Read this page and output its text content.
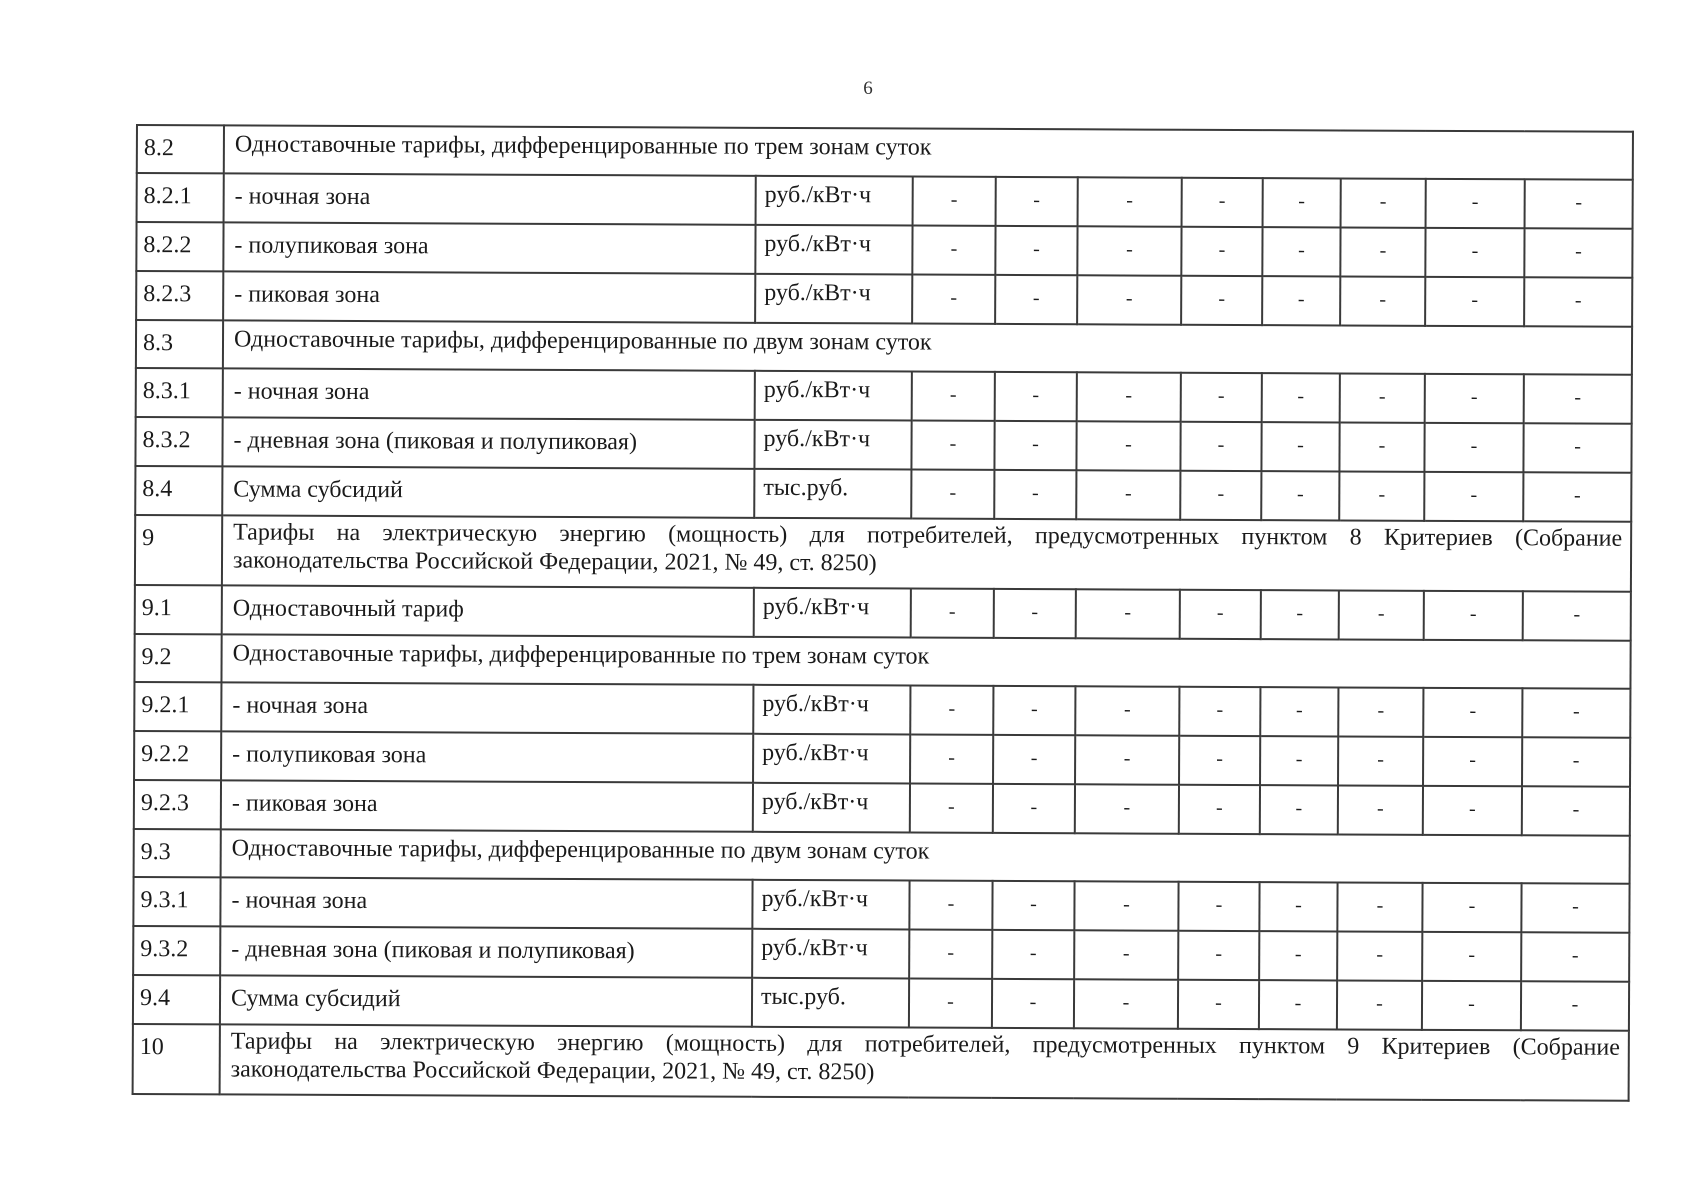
6
8.2	Одноставочные тарифы, дифференцированные по трем зонам суток									
8.2.1	- ночная зона	руб./кВт·ч	-	-	-	-	-	-	-	-
8.2.2	- полупиковая зона	руб./кВт·ч	-	-	-	-	-	-	-	-
8.2.3	- пиковая зона	руб./кВт·ч	-	-	-	-	-	-	-	-
8.3	Одноставочные тарифы, дифференцированные по двум зонам суток									
8.3.1	- ночная зона	руб./кВт·ч	-	-	-	-	-	-	-	-
8.3.2	- дневная зона (пиковая и полупиковая)	руб./кВт·ч	-	-	-	-	-	-	-	-
8.4	Сумма субсидий	тыс.руб.	-	-	-	-	-	-	-	-
9	Тарифы на электрическую энергию (мощность) для потребителей, предусмотренных пунктом 8 Критериев (Собрание законодательства Российской Федерации, 2021, № 49, ст. 8250)									
9.1	Одноставочный тариф	руб./кВт·ч	-	-	-	-	-	-	-	-
9.2	Одноставочные тарифы, дифференцированные по трем зонам суток									
9.2.1	- ночная зона	руб./кВт·ч	-	-	-	-	-	-	-	-
9.2.2	- полупиковая зона	руб./кВт·ч	-	-	-	-	-	-	-	-
9.2.3	- пиковая зона	руб./кВт·ч	-	-	-	-	-	-	-	-
9.3	Одноставочные тарифы, дифференцированные по двум зонам суток									
9.3.1	- ночная зона	руб./кВт·ч	-	-	-	-	-	-	-	-
9.3.2	- дневная зона (пиковая и полупиковая)	руб./кВт·ч	-	-	-	-	-	-	-	-
9.4	Сумма субсидий	тыс.руб.	-	-	-	-	-	-	-	-
10	Тарифы на электрическую энергию (мощность) для потребителей, предусмотренных пунктом 9 Критериев (Собрание законодательства Российской Федерации, 2021, № 49, ст. 8250)									
